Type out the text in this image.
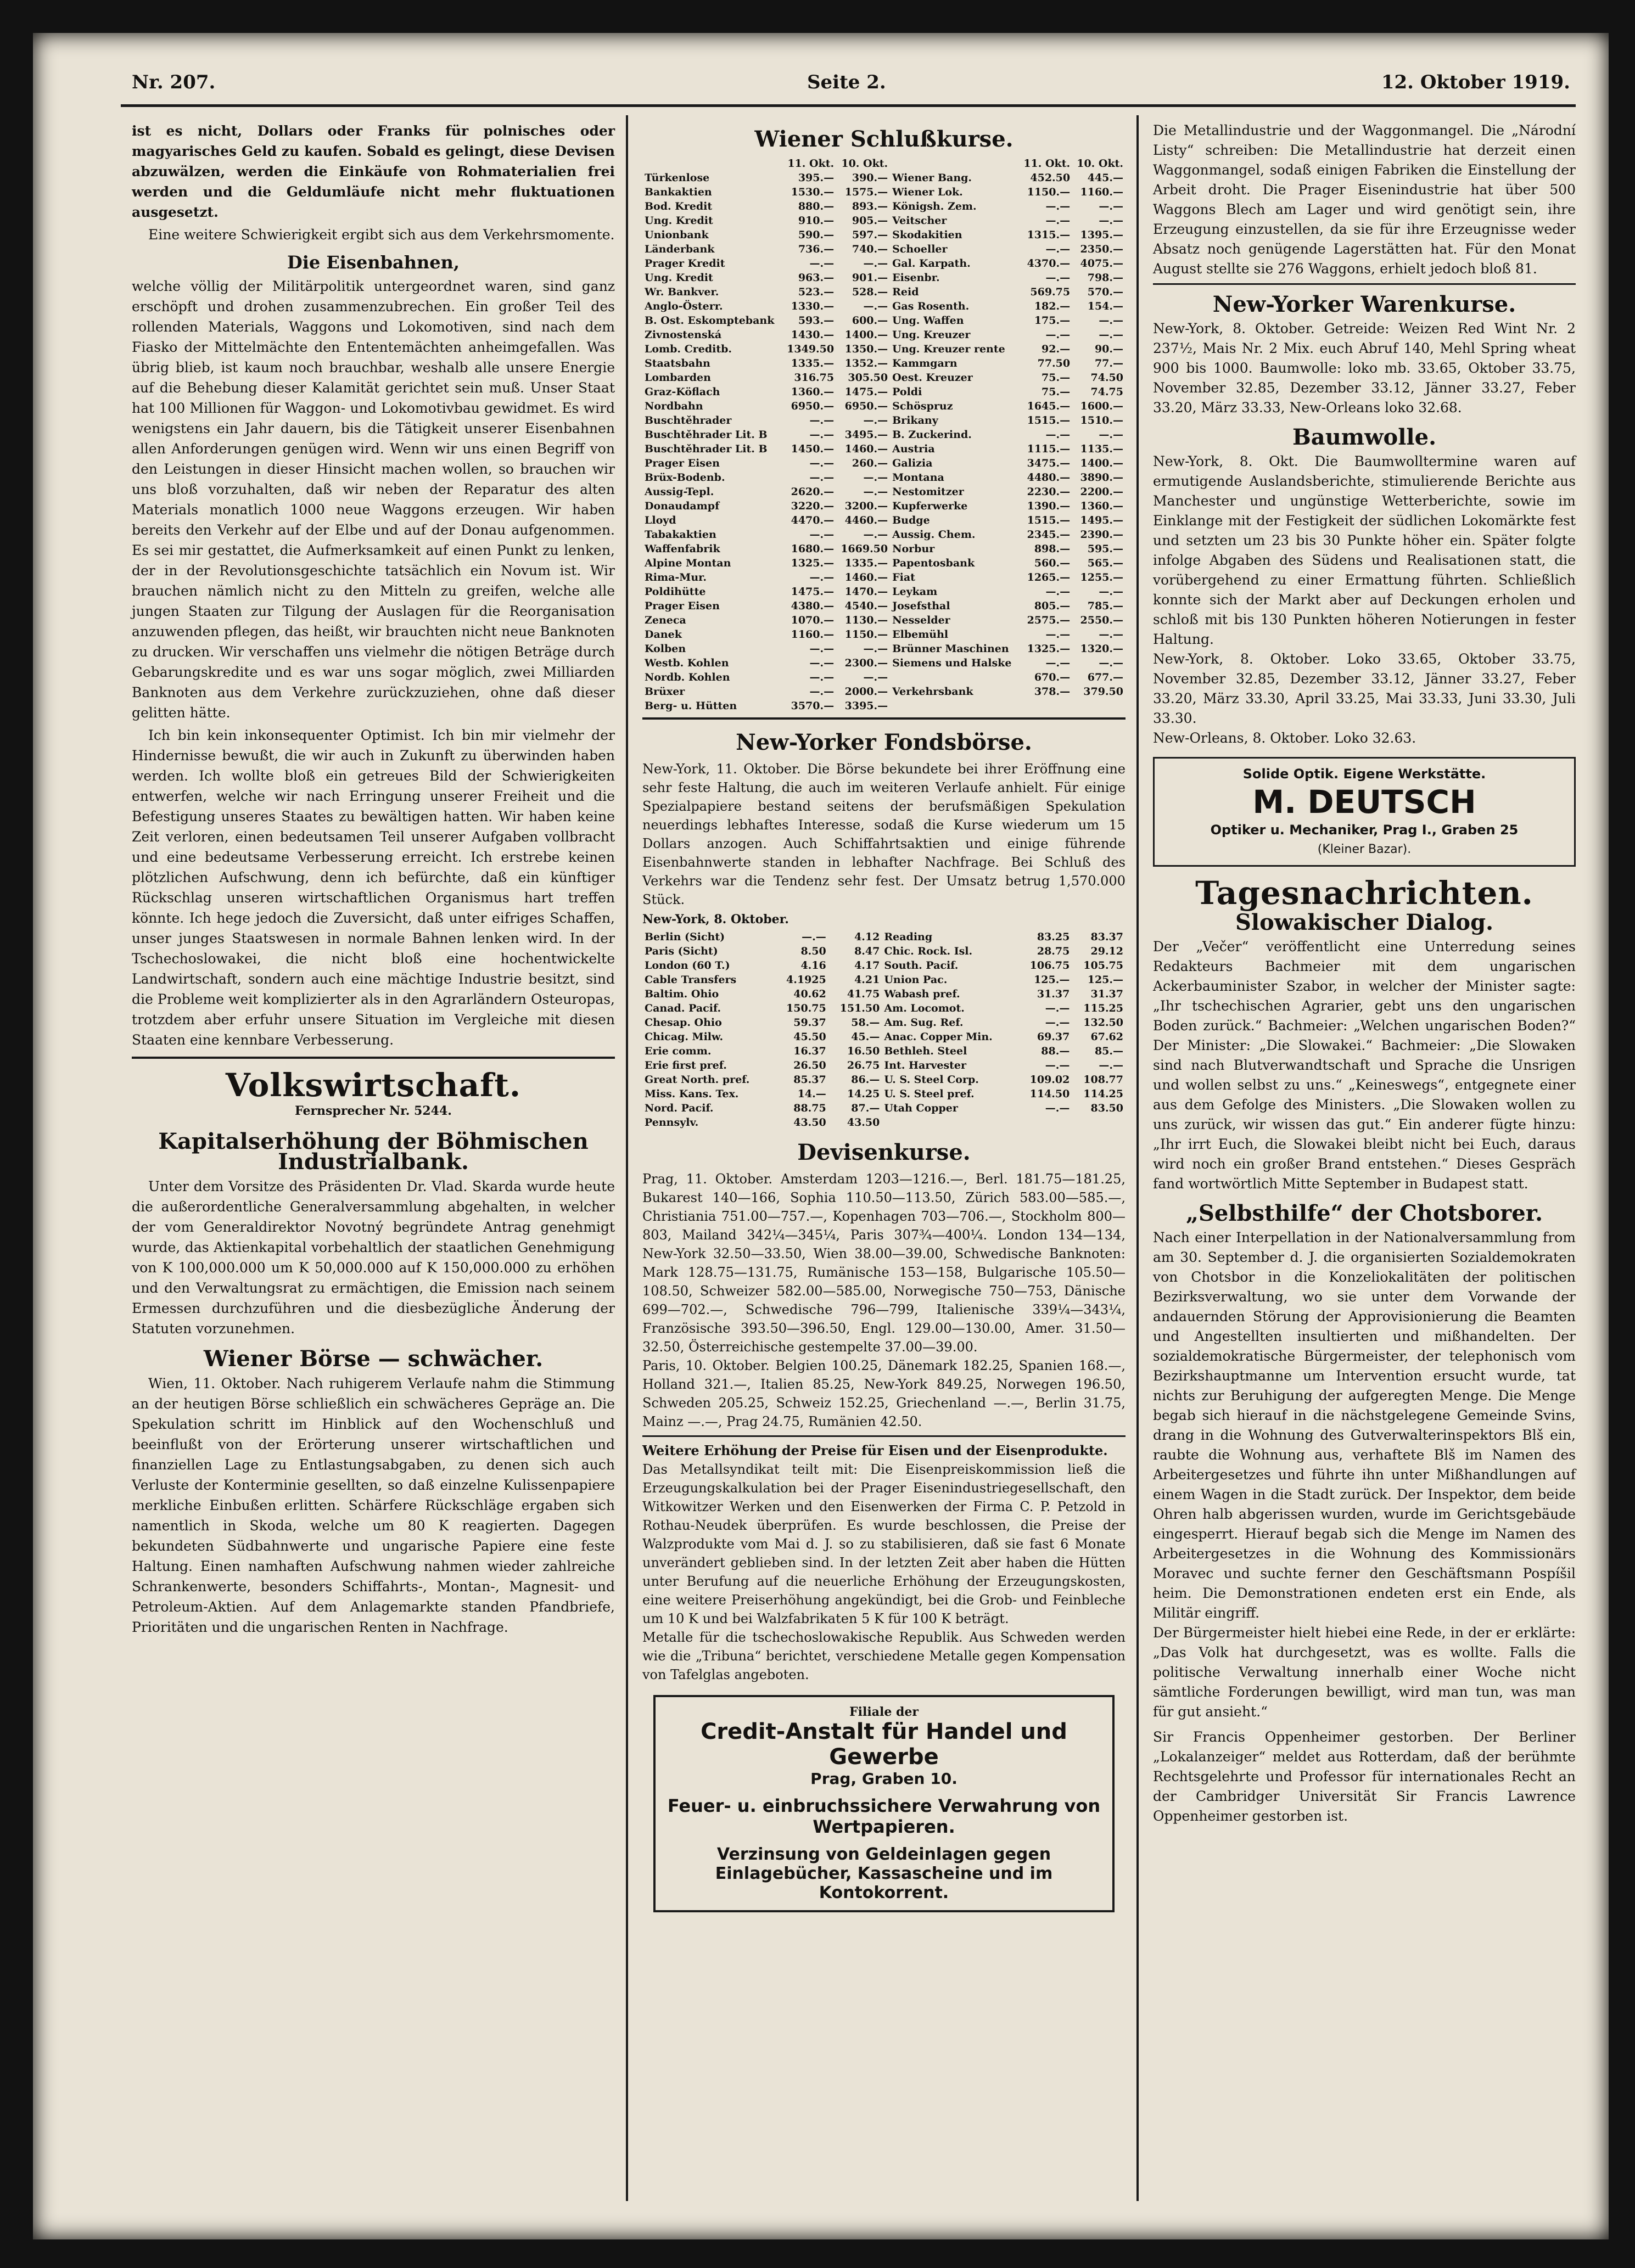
Nr. 207.	Seite 2.	12. Oktober 1919.

ist es nicht, Dollars oder Franks für polnisches oder magyarisches Geld zu kaufen. Sobald es gelingt, diese Devisen abzuwälzen, werden die Einkäufe von Rohmaterialien frei werden und die Geldumläufe nicht mehr fluktuationen ausgesetzt.

Eine weitere Schwierigkeit ergibt sich aus dem Verkehrsmomente.

Die Eisenbahnen,

welche völlig der Militärpolitik untergeordnet waren, sind ganz erschöpft und drohen zusammenzubrechen. Ein großer Teil des rollenden Materials, Waggons und Lokomotiven, sind nach dem Fiasko der Mittelmächte den Ententemächten anheimgefallen. Was übrig blieb, ist kaum noch brauchbar, weshalb alle unsere Energie auf die Behebung dieser Kalamität gerichtet sein muß. Unser Staat hat 100 Millionen für Waggon- und Lokomotivbau gewidmet. Es wird wenigstens ein Jahr dauern, bis die Tätigkeit unserer Eisenbahnen allen Anforderungen genügen wird. Wenn wir uns einen Begriff von den Leistungen in dieser Hinsicht machen wollen, so brauchen wir uns bloß vorzuhalten, daß wir neben der Reparatur des alten Materials monatlich 1000 neue Waggons erzeugen. Wir haben bereits den Verkehr auf der Elbe und auf der Donau aufgenommen. Es sei mir gestattet, die Aufmerksamkeit auf einen Punkt zu lenken, der in der Revolutionsgeschichte tatsächlich ein Novum ist. Wir brauchen nämlich nicht zu den Mitteln zu greifen, welche alle jungen Staaten zur Tilgung der Auslagen für die Reorganisation anzuwenden pflegen, das heißt, wir brauchten nicht neue Banknoten zu drucken. Wir verschaffen uns vielmehr die nötigen Beträge durch Gebarungskredite und es war uns sogar möglich, zwei Milliarden Banknoten aus dem Verkehre zurückzuziehen, ohne daß dieser gelitten hätte.

Ich bin kein inkonsequenter Optimist. Ich bin mir vielmehr der Hindernisse bewußt, die wir auch in Zukunft zu überwinden haben werden. Ich wollte bloß ein getreues Bild der Schwierigkeiten entwerfen, welche wir nach Erringung unserer Freiheit und die Befestigung unseres Staates zu bewältigen hatten. Wir haben keine Zeit verloren, einen bedeutsamen Teil unserer Aufgaben vollbracht und eine bedeutsame Verbesserung erreicht. Ich erstrebe keinen plötzlichen Aufschwung, denn ich befürchte, daß ein künftiger Rückschlag unseren wirtschaftlichen Organismus hart treffen könnte. Ich hege jedoch die Zuversicht, daß unter eifriges Schaffen, unser junges Staatswesen in normale Bahnen lenken wird. In der Tschechoslowakei, die nicht bloß eine hochentwickelte Landwirtschaft, sondern auch eine mächtige Industrie besitzt, sind die Probleme weit komplizierter als in den Agrarländern Osteuropas, trotzdem aber erfuhr unsere Situation im Vergleiche mit diesen Staaten eine kennbare Verbesserung.

Volkswirtschaft.
Fernsprecher Nr. 5244.
Kapitalserhöhung der Böhmischen Industrialbank.

Unter dem Vorsitze des Präsidenten Dr. Vlad. Skarda wurde heute die außerordentliche Generalversammlung abgehalten, in welcher der vom Generaldirektor Novotný begründete Antrag genehmigt wurde, das Aktienkapital vorbehaltlich der staatlichen Genehmigung von K 100,000.000 um K 50,000.000 auf K 150,000.000 zu erhöhen und den Verwaltungsrat zu ermächtigen, die Emission nach seinem Ermessen durchzuführen und die diesbezügliche Änderung der Statuten vorzunehmen.

Wiener Börse — schwächer.

Wien, 11. Oktober. Nach ruhigerem Verlaufe nahm die Stimmung an der heutigen Börse schließlich ein schwächeres Gepräge an. Die Spekulation schritt im Hinblick auf den Wochenschluß und beeinflußt von der Erörterung unserer wirtschaftlichen und finanziellen Lage zu Entlastungsabgaben, zu denen sich auch Verluste der Konterminie gesellten, so daß einzelne Kulissenpapiere merkliche Einbußen erlitten. Schärfere Rückschläge ergaben sich namentlich in Skoda, welche um 80 K reagierten. Dagegen bekundeten Südbahnwerte und ungarische Papiere eine feste Haltung. Einen namhaften Aufschwung nahmen wieder zahlreiche Schrankenwerte, besonders Schiffahrts-, Montan-, Magnesit- und Petroleum-Aktien. Auf dem Anlagemarkte standen Pfandbriefe, Prioritäten und die ungarischen Renten in Nachfrage.

Wiener Schlußkurse.
	11. Okt.	10. Okt.		11. Okt.	10. Okt.
Türkenlose	395.—	390.—	Wiener Bang.	452.50	445.—
Bankaktien	1530.—	1575.—	Wiener Lok.	1150.—	1160.—
Bod. Kredit	880.—	893.—	Königsh. Zem.	—.—	—.—
Ung. Kredit	910.—	905.—	Veitscher	—.—	—.—
Unionbank	590.—	597.—	Skodakitien	1315.—	1395.—
Länderbank	736.—	740.—	Schoeller	—.—	2350.—
Prager Kredit	—.—	—.—	Gal. Karpath.	4370.—	4075.—
Ung. Kredit	963.—	901.—	Eisenbr.	—.—	798.—
Wr. Bankver.	523.—	528.—	Reid	569.75	570.—
Anglo-Österr.	1330.—	—.—	Gas Rosenth.	182.—	154.—
B. Ost. Eskomptebank	593.—	600.—	Ung. Waffen	175.—	—.—
Zivnostenská	1430.—	1400.—	Ung. Kreuzer	—.—	—.—
Lomb. Creditb.	1349.50	1350.—	Ung. Kreuzer rente	92.—	90.—
Staatsbahn	1335.—	1352.—	Kammgarn	77.50	77.—
Lombarden	316.75	305.50	Oest. Kreuzer	75.—	74.50
Graz-Köflach	1360.—	1475.—	Poldi	75.—	74.75
Nordbahn	6950.—	6950.—	Schöspruz	1645.—	1600.—
Buschtěhrader	—.—	—.—	Brikany	1515.—	1510.—
Buschtěhrader Lit. B	—.—	3495.—	B. Zuckerind.	—.—	—.—
Buschtěhrader Lit. B	1450.—	1460.—	Austria	1115.—	1135.—
Prager Eisen	—.—	260.—	Galizia	3475.—	1400.—
Brüx-Bodenb.	—.—	—.—	Montana	4480.—	3890.—
Aussig-Tepl.	2620.—	—.—	Nestomitzer	2230.—	2200.—
Donaudampf	3220.—	3200.—	Kupferwerke	1390.—	1360.—
Lloyd	4470.—	4460.—	Budge	1515.—	1495.—
Tabakaktien	—.—	—.—	Aussig. Chem.	2345.—	2390.—
Waffenfabrik	1680.—	1669.50	Norbur	898.—	595.—
Alpine Montan	1325.—	1335.—	Papentosbank	560.—	565.—
Rima-Mur.	—.—	1460.—	Fiat	1265.—	1255.—
Poldihütte	1475.—	1470.—	Leykam	—.—	—.—
Prager Eisen	4380.—	4540.—	Josefsthal	805.—	785.—
Zeneca	1070.—	1130.—	Nesselder	2575.—	2550.—
Danek	1160.—	1150.—	Elbemühl	—.—	—.—
Kolben	—.—	—.—	Brünner Maschinen	1325.—	1320.—
Westb. Kohlen	—.—	2300.—	Siemens und Halske	—.—	—.—
Nordb. Kohlen	—.—	—.—		670.—	677.—
Brüxer	—.—	2000.—	Verkehrsbank	378.—	379.50
Berg- u. Hütten	3570.—	3395.—			
New-Yorker Fondsbörse.
New-York, 11. Oktober. Die Börse bekundete bei ihrer Eröffnung eine sehr feste Haltung, die auch im weiteren Verlaufe anhielt. Für einige Spezialpapiere bestand seitens der berufsmäßigen Spekulation neuerdings lebhaftes Interesse, sodaß die Kurse wiederum um 15 Dollars anzogen. Auch Schiffahrtsaktien und einige führende Eisenbahnwerte standen in lebhafter Nachfrage. Bei Schluß des Verkehrs war die Tendenz sehr fest. Der Umsatz betrug 1,570.000 Stück.
New-York, 8. Oktober.
Berlin (Sicht)	—.—	4.12	Reading	83.25	83.37
Paris (Sicht)	8.50	8.47	Chic. Rock. Isl.	28.75	29.12
London (60 T.)	4.16	4.17	South. Pacif.	106.75	105.75
Cable Transfers	4.1925	4.21	Union Pac.	125.—	125.—
Baltim. Ohio	40.62	41.75	Wabash pref.	31.37	31.37
Canad. Pacif.	150.75	151.50	Am. Locomot.	—.—	115.25
Chesap. Ohio	59.37	58.—	Am. Sug. Ref.	—.—	132.50
Chicag. Milw.	45.50	45.—	Anac. Copper Min.	69.37	67.62
Erie comm.	16.37	16.50	Bethleh. Steel	88.—	85.—
Erie first pref.	26.50	26.75	Int. Harvester	—.—	—.—
Great North. pref.	85.37	86.—	U. S. Steel Corp.	109.02	108.77
Miss. Kans. Tex.	14.—	14.25	U. S. Steel pref.	114.50	114.25
Nord. Pacif.	88.75	87.—	Utah Copper	—.—	83.50
Pennsylv.	43.50	43.50			
Devisenkurse.
Prag, 11. Oktober. Amsterdam 1203—1216.—, Berl. 181.75—181.25, Bukarest 140—166, Sophia 110.50—113.50, Zürich 583.00—585.—, Christiania 751.00—757.—, Kopenhagen 703—706.—, Stockholm 800—803, Mailand 342¼—345¼, Paris 307¾—400¼. London 134—134, New-York 32.50—33.50, Wien 38.00—39.00, Schwedische Banknoten: Mark 128.75—131.75, Rumänische 153—158, Bulgarische 105.50—108.50, Schweizer 582.00—585.00, Norwegische 750—753, Dänische 699—702.—, Schwedische 796—799, Italienische 339¼—343¼, Französische 393.50—396.50, Engl. 129.00—130.00, Amer. 31.50—32.50, Österreichische gestempelte 37.00—39.00.
Paris, 10. Oktober. Belgien 100.25, Dänemark 182.25, Spanien 168.—, Holland 321.—, Italien 85.25, New-York 849.25, Norwegen 196.50, Schweden 205.25, Schweiz 152.25, Griechenland —.—, Berlin 31.75, Mainz —.—, Prag 24.75, Rumänien 42.50.
Weitere Erhöhung der Preise für Eisen und der Eisenprodukte.
Das Metallsyndikat teilt mit: Die Eisenpreiskommission ließ die Erzeugungskalkulation bei der Prager Eisenindustriegesellschaft, den Witkowitzer Werken und den Eisenwerken der Firma C. P. Petzold in Rothau-Neudek überprüfen. Es wurde beschlossen, die Preise der Walzprodukte vom Mai d. J. so zu stabilisieren, daß sie fast 6 Monate unverändert geblieben sind. In der letzten Zeit aber haben die Hütten unter Berufung auf die neuerliche Erhöhung der Erzeugungskosten, eine weitere Preiserhöhung angekündigt, bei die Grob- und Feinbleche um 10 K und bei Walzfabrikaten 5 K für 100 K beträgt.
Metalle für die tschechoslowakische Republik. Aus Schweden werden wie die „Tribuna“ berichtet, verschiedene Metalle gegen Kompensation von Tafelglas angeboten.
Filiale der
Credit-Anstalt für Handel und Gewerbe
Prag, Graben 10.
Feuer- u. einbruchssichere Verwahrung von Wertpapieren.
Verzinsung von Geldeinlagen gegen Einlagebücher, Kassascheine und im Kontokorrent.
Die Metallindustrie und der Waggonmangel. Die „Národní Listy“ schreiben: Die Metallindustrie hat derzeit einen Waggonmangel, sodaß einigen Fabriken die Einstellung der Arbeit droht. Die Prager Eisenindustrie hat über 500 Waggons Blech am Lager und wird genötigt sein, ihre Erzeugung einzustellen, da sie für ihre Erzeugnisse weder Absatz noch genügende Lagerstätten hat. Für den Monat August stellte sie 276 Waggons, erhielt jedoch bloß 81.
New-Yorker Warenkurse.
New-York, 8. Oktober. Getreide: Weizen Red Wint Nr. 2 237½, Mais Nr. 2 Mix. euch Abruf 140, Mehl Spring wheat 900 bis 1000. Baumwolle: loko mb. 33.65, Oktober 33.75, November 32.85, Dezember 33.12, Jänner 33.27, Feber 33.20, März 33.33, New-Orleans loko 32.68.
Baumwolle.
New-York, 8. Okt. Die Baumwolltermine waren auf ermutigende Auslandsberichte, stimulierende Berichte aus Manchester und ungünstige Wetterberichte, sowie im Einklange mit der Festigkeit der südlichen Lokomärkte fest und setzten um 23 bis 30 Punkte höher ein. Später folgte infolge Abgaben des Südens und Realisationen statt, die vorübergehend zu einer Ermattung führten. Schließlich konnte sich der Markt aber auf Deckungen erholen und schloß mit bis 130 Punkten höheren Notierungen in fester Haltung.
New-York, 8. Oktober. Loko 33.65, Oktober 33.75, November 32.85, Dezember 33.12, Jänner 33.27, Feber 33.20, März 33.30, April 33.25, Mai 33.33, Juni 33.30, Juli 33.30.
New-Orleans, 8. Oktober. Loko 32.63.
Solide Optik. Eigene Werkstätte.
M. DEUTSCH
Optiker u. Mechaniker, Prag I., Graben 25
(Kleiner Bazar).
Tagesnachrichten.
Slowakischer Dialog.
Der „Večer“ veröffentlicht eine Unterredung seines Redakteurs Bachmeier mit dem ungarischen Ackerbauminister Szabor, in welcher der Minister sagte: „Ihr tschechischen Agrarier, gebt uns den ungarischen Boden zurück.“ Bachmeier: „Welchen ungarischen Boden?“ Der Minister: „Die Slowakei.“ Bachmeier: „Die Slowaken sind nach Blutverwandtschaft und Sprache die Unsrigen und wollen selbst zu uns.“ „Keineswegs“, entgegnete einer aus dem Gefolge des Ministers. „Die Slowaken wollen zu uns zurück, wir wissen das gut.“ Ein anderer fügte hinzu: „Ihr irrt Euch, die Slowakei bleibt nicht bei Euch, daraus wird noch ein großer Brand entstehen.“ Dieses Gespräch fand wortwörtlich Mitte September in Budapest statt.
„Selbsthilfe“ der Chotsborer.
Nach einer Interpellation in der Nationalversammlung from am 30. September d. J. die organisierten Sozialdemokraten von Chotsbor in die Konzeliokalitäten der politischen Bezirksverwaltung, wo sie unter dem Vorwande der andauernden Störung der Approvisionierung die Beamten und Angestellten insultierten und mißhandelten. Der sozialdemokratische Bürgermeister, der telephonisch vom Bezirkshauptmanne um Intervention ersucht wurde, tat nichts zur Beruhigung der aufgeregten Menge. Die Menge begab sich hierauf in die nächstgelegene Gemeinde Svins, drang in die Wohnung des Gutverwalterinspektors Blš ein, raubte die Wohnung aus, verhaftete Blš im Namen des Arbeitergesetzes und führte ihn unter Mißhandlungen auf einem Wagen in die Stadt zurück. Der Inspektor, dem beide Ohren halb abgerissen wurden, wurde im Gerichtsgebäude eingesperrt. Hierauf begab sich die Menge im Namen des Arbeitergesetzes in die Wohnung des Kommissionärs Moravec und suchte ferner den Geschäftsmann Pospíšil heim. Die Demonstrationen endeten erst ein Ende, als Militär eingriff.
Der Bürgermeister hielt hiebei eine Rede, in der er erklärte: „Das Volk hat durchgesetzt, was es wollte. Falls die politische Verwaltung innerhalb einer Woche nicht sämtliche Forderungen bewilligt, wird man tun, was man für gut ansieht.“
Sir Francis Oppenheimer gestorben. Der Berliner „Lokalanzeiger“ meldet aus Rotterdam, daß der berühmte Rechtsgelehrte und Professor für internationales Recht an der Cambridger Universität Sir Francis Lawrence Oppenheimer gestorben ist.
